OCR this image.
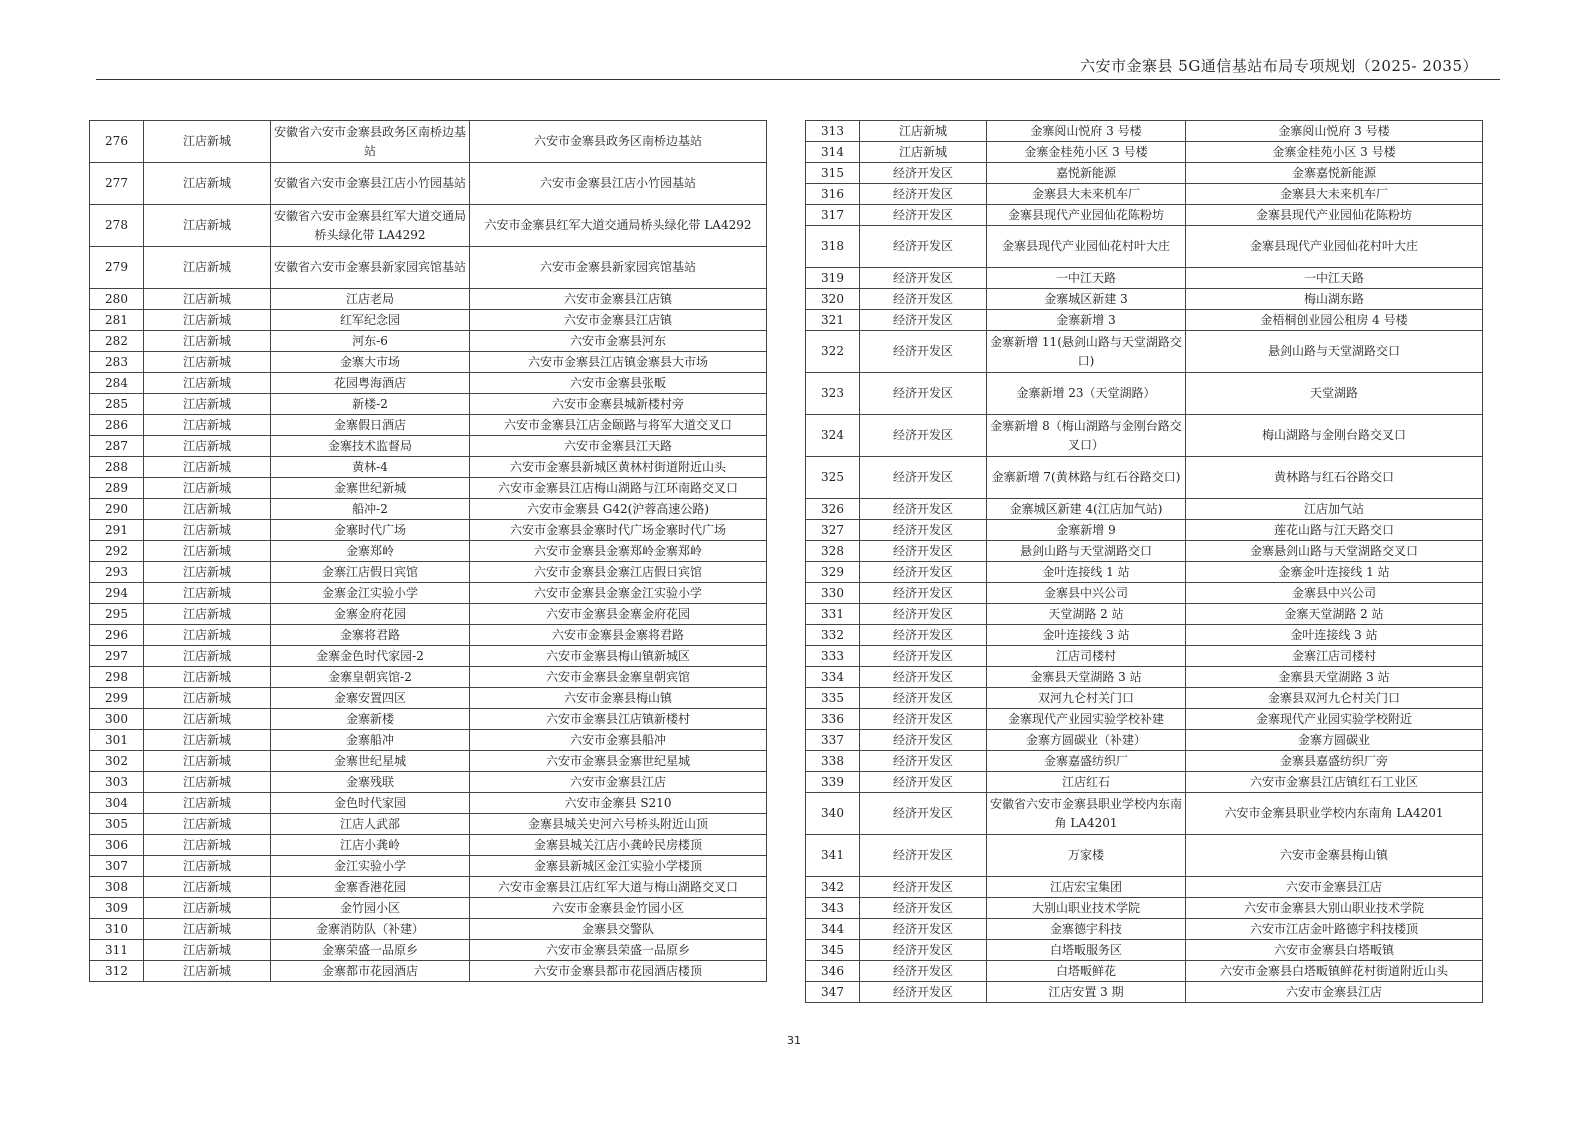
六安市金寨县 5G通信基站布局专项规划（2025- 2035）
276	江店新城	安徽省六安市金寨县政务区南桥边基站	六安市金寨县政务区南桥边基站
277	江店新城	安徽省六安市金寨县江店小竹园基站	六安市金寨县江店小竹园基站
278	江店新城	安徽省六安市金寨县红军大道交通局桥头绿化带 LA4292	六安市金寨县红军大道交通局桥头绿化带 LA4292
279	江店新城	安徽省六安市金寨县新家园宾馆基站	六安市金寨县新家园宾馆基站
280	江店新城	江店老局	六安市金寨县江店镇
281	江店新城	红军纪念园	六安市金寨县江店镇
282	江店新城	河东-6	六安市金寨县河东
283	江店新城	金寨大市场	六安市金寨县江店镇金寨县大市场
284	江店新城	花园粤海酒店	六安市金寨县张畈
285	江店新城	新楼-2	六安市金寨县城新楼村旁
286	江店新城	金寨假日酒店	六安市金寨县江店金颐路与将军大道交叉口
287	江店新城	金寨技术监督局	六安市金寨县江天路
288	江店新城	黄林-4	六安市金寨县新城区黄林村街道附近山头
289	江店新城	金寨世纪新城	六安市金寨县江店梅山湖路与江环南路交叉口
290	江店新城	船冲-2	六安市金寨县 G42(沪蓉高速公路)
291	江店新城	金寨时代广场	六安市金寨县金寨时代广场金寨时代广场
292	江店新城	金寨郑岭	六安市金寨县金寨郑岭金寨郑岭
293	江店新城	金寨江店假日宾馆	六安市金寨县金寨江店假日宾馆
294	江店新城	金寨金江实验小学	六安市金寨县金寨金江实验小学
295	江店新城	金寨金府花园	六安市金寨县金寨金府花园
296	江店新城	金寨将君路	六安市金寨县金寨将君路
297	江店新城	金寨金色时代家园-2	六安市金寨县梅山镇新城区
298	江店新城	金寨皇朝宾馆-2	六安市金寨县金寨皇朝宾馆
299	江店新城	金寨安置四区	六安市金寨县梅山镇
300	江店新城	金寨新楼	六安市金寨县江店镇新楼村
301	江店新城	金寨船冲	六安市金寨县船冲
302	江店新城	金寨世纪星城	六安市金寨县金寨世纪星城
303	江店新城	金寨残联	六安市金寨县江店
304	江店新城	金色时代家园	六安市金寨县 S210
305	江店新城	江店人武部	金寨县城关史河六号桥头附近山顶
306	江店新城	江店小龚岭	金寨县城关江店小龚岭民房楼顶
307	江店新城	金江实验小学	金寨县新城区金江实验小学楼顶
308	江店新城	金寨香港花园	六安市金寨县江店红军大道与梅山湖路交叉口
309	江店新城	金竹园小区	六安市金寨县金竹园小区
310	江店新城	金寨消防队（补建）	金寨县交警队
311	江店新城	金寨荣盛一品原乡	六安市金寨县荣盛一品原乡
312	江店新城	金寨都市花园酒店	六安市金寨县都市花园酒店楼顶
313	江店新城	金寨阅山悦府 3 号楼	金寨阅山悦府 3 号楼
314	江店新城	金寨金桂苑小区 3 号楼	金寨金桂苑小区 3 号楼
315	经济开发区	嘉悦新能源	金寨嘉悦新能源
316	经济开发区	金寨县大未来机车厂	金寨县大未来机车厂
317	经济开发区	金寨县现代产业园仙花陈粉坊	金寨县现代产业园仙花陈粉坊
318	经济开发区	金寨县现代产业园仙花村叶大庄	金寨县现代产业园仙花村叶大庄
319	经济开发区	一中江天路	一中江天路
320	经济开发区	金寨城区新建 3	梅山湖东路
321	经济开发区	金寨新增 3	金梧桐创业园公租房 4 号楼
322	经济开发区	金寨新增 11(悬剑山路与天堂湖路交口)	悬剑山路与天堂湖路交口
323	经济开发区	金寨新增 23（天堂湖路）	天堂湖路
324	经济开发区	金寨新增 8（梅山湖路与金刚台路交叉口）	梅山湖路与金刚台路交叉口
325	经济开发区	金寨新增 7(黄林路与红石谷路交口)	黄林路与红石谷路交口
326	经济开发区	金寨城区新建 4(江店加气站)	江店加气站
327	经济开发区	金寨新增 9	莲花山路与江天路交口
328	经济开发区	悬剑山路与天堂湖路交口	金寨悬剑山路与天堂湖路交叉口
329	经济开发区	金叶连接线 1 站	金寨金叶连接线 1 站
330	经济开发区	金寨县中兴公司	金寨县中兴公司
331	经济开发区	天堂湖路 2 站	金寨天堂湖路 2 站
332	经济开发区	金叶连接线 3 站	金叶连接线 3 站
333	经济开发区	江店司楼村	金寨江店司楼村
334	经济开发区	金寨县天堂湖路 3 站	金寨县天堂湖路 3 站
335	经济开发区	双河九仑村关门口	金寨县双河九仑村关门口
336	经济开发区	金寨现代产业园实验学校补建	金寨现代产业园实验学校附近
337	经济开发区	金寨方圆碳业（补建）	金寨方圆碳业
338	经济开发区	金寨嘉盛纺织厂	金寨县嘉盛纺织厂旁
339	经济开发区	江店红石	六安市金寨县江店镇红石工业区
340	经济开发区	安徽省六安市金寨县职业学校内东南角 LA4201	六安市金寨县职业学校内东南角 LA4201
341	经济开发区	万家楼	六安市金寨县梅山镇
342	经济开发区	江店宏宝集团	六安市金寨县江店
343	经济开发区	大别山职业技术学院	六安市金寨县大别山职业技术学院
344	经济开发区	金寨德宇科技	六安市江店金叶路德宇科技楼顶
345	经济开发区	白塔畈服务区	六安市金寨县白塔畈镇
346	经济开发区	白塔畈鲜花	六安市金寨县白塔畈镇鲜花村街道附近山头
347	经济开发区	江店安置 3 期	六安市金寨县江店
31
